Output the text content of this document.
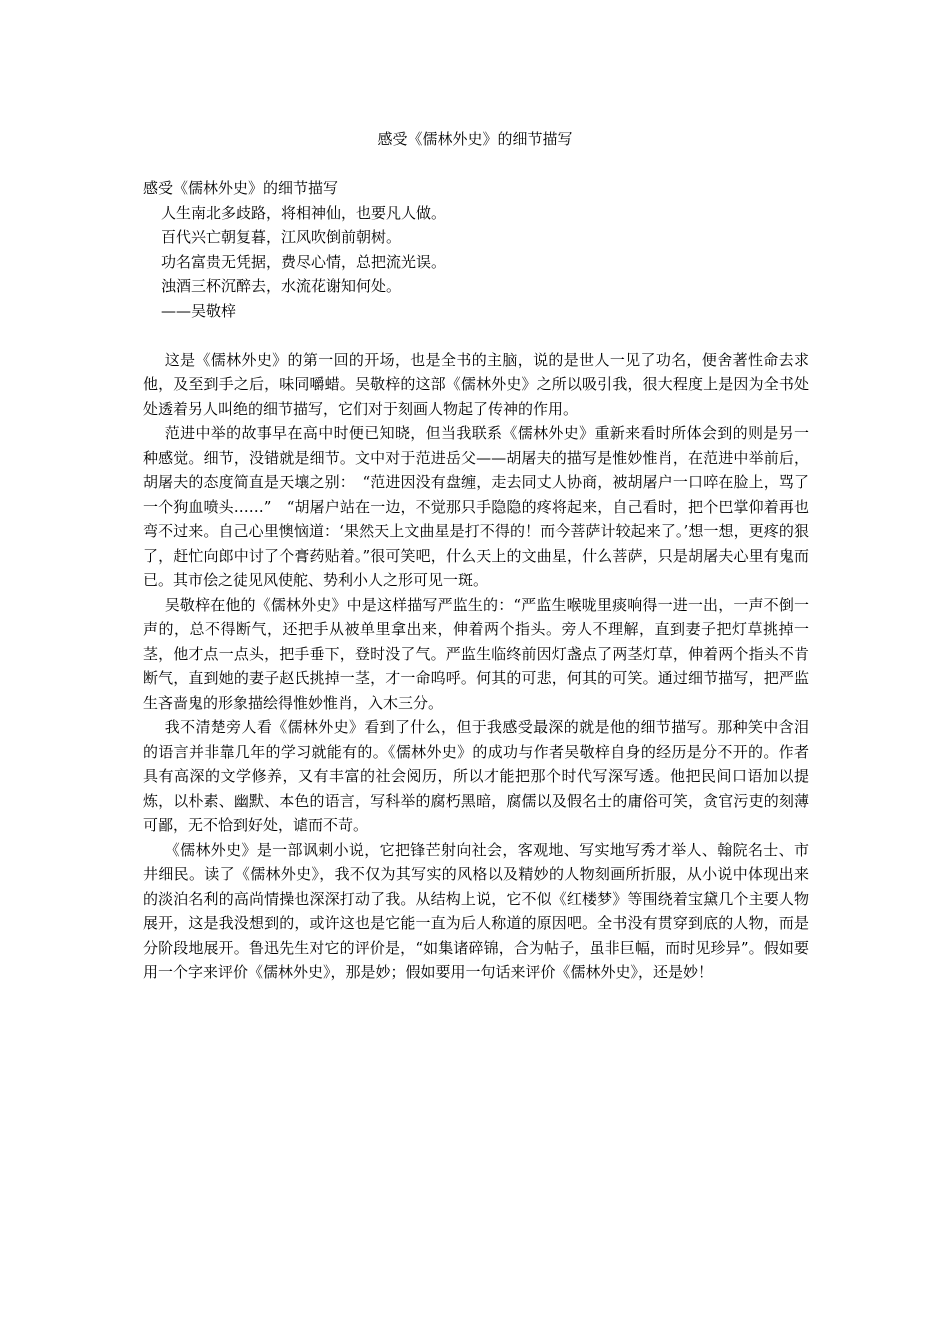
感受《儒林外史》的细节描写

感受《儒林外史》的细节描写

人生南北多歧路，将相神仙，也要凡人做。

百代兴亡朝复暮，江风吹倒前朝树。

功名富贵无凭据，费尽心情，总把流光误。

浊酒三杯沉醉去，水流花谢知何处。

——吴敬梓

这是《儒林外史》的第一回的开场，也是全书的主脑，说的是世人一见了功名，便舍著性命去求他，及至到手之后，味同嚼蜡。吴敬梓的这部《儒林外史》之所以吸引我，很大程度上是因为全书处处透着另人叫绝的细节描写，它们对于刻画人物起了传神的作用。

范进中举的故事早在高中时便已知晓，但当我联系《儒林外史》重新来看时所体会到的则是另一种感觉。细节，没错就是细节。文中对于范进岳父——胡屠夫的描写是惟妙惟肖，在范进中举前后，胡屠夫的态度简直是天壤之别：　“范进因没有盘缠，走去同丈人协商，被胡屠户一口啐在脸上，骂了一个狗血喷头……”　“胡屠户站在一边，不觉那只手隐隐的疼将起来，自己看时，把个巴掌仰着再也弯不过来。自己心里懊恼道：‘果然天上文曲星是打不得的！而今菩萨计较起来了。’想一想，更疼的狠了，赶忙向郎中讨了个膏药贴着。”很可笑吧，什么天上的文曲星，什么菩萨，只是胡屠夫心里有鬼而已。其市侩之徒见风使舵、势利小人之形可见一斑。

吴敬梓在他的《儒林外史》中是这样描写严监生的：“严监生喉咙里痰响得一进一出，一声不倒一声的，总不得断气，还把手从被单里拿出来，伸着两个指头。旁人不理解，直到妻子把灯草挑掉一茎，他才点一点头，把手垂下，登时没了气。严监生临终前因灯盏点了两茎灯草，伸着两个指头不肯断气，直到她的妻子赵氏挑掉一茎，才一命呜呼。何其的可悲，何其的可笑。通过细节描写，把严监生吝啬鬼的形象描绘得惟妙惟肖，入木三分。

我不清楚旁人看《儒林外史》看到了什么，但于我感受最深的就是他的细节描写。那种笑中含泪的语言并非靠几年的学习就能有的。《儒林外史》的成功与作者吴敬梓自身的经历是分不开的。作者具有高深的文学修养，又有丰富的社会阅历，所以才能把那个时代写深写透。他把民间口语加以提炼，以朴素、幽默、本色的语言，写科举的腐朽黑暗，腐儒以及假名士的庸俗可笑，贪官污吏的刻薄可鄙，无不恰到好处，谑而不苛。

《儒林外史》是一部讽刺小说，它把锋芒射向社会，客观地、写实地写秀才举人、翰院名士、市井细民。读了《儒林外史》，我不仅为其写实的风格以及精妙的人物刻画所折服，从小说中体现出来的淡泊名利的高尚情操也深深打动了我。从结构上说，它不似《红楼梦》等围绕着宝黛几个主要人物展开，这是我没想到的，或许这也是它能一直为后人称道的原因吧。全书没有贯穿到底的人物，而是分阶段地展开。鲁迅先生对它的评价是，“如集诸碎锦，合为帖子，虽非巨幅，而时见珍异”。假如要用一个字来评价《儒林外史》，那是妙；假如要用一句话来评价《儒林外史》，还是妙！
